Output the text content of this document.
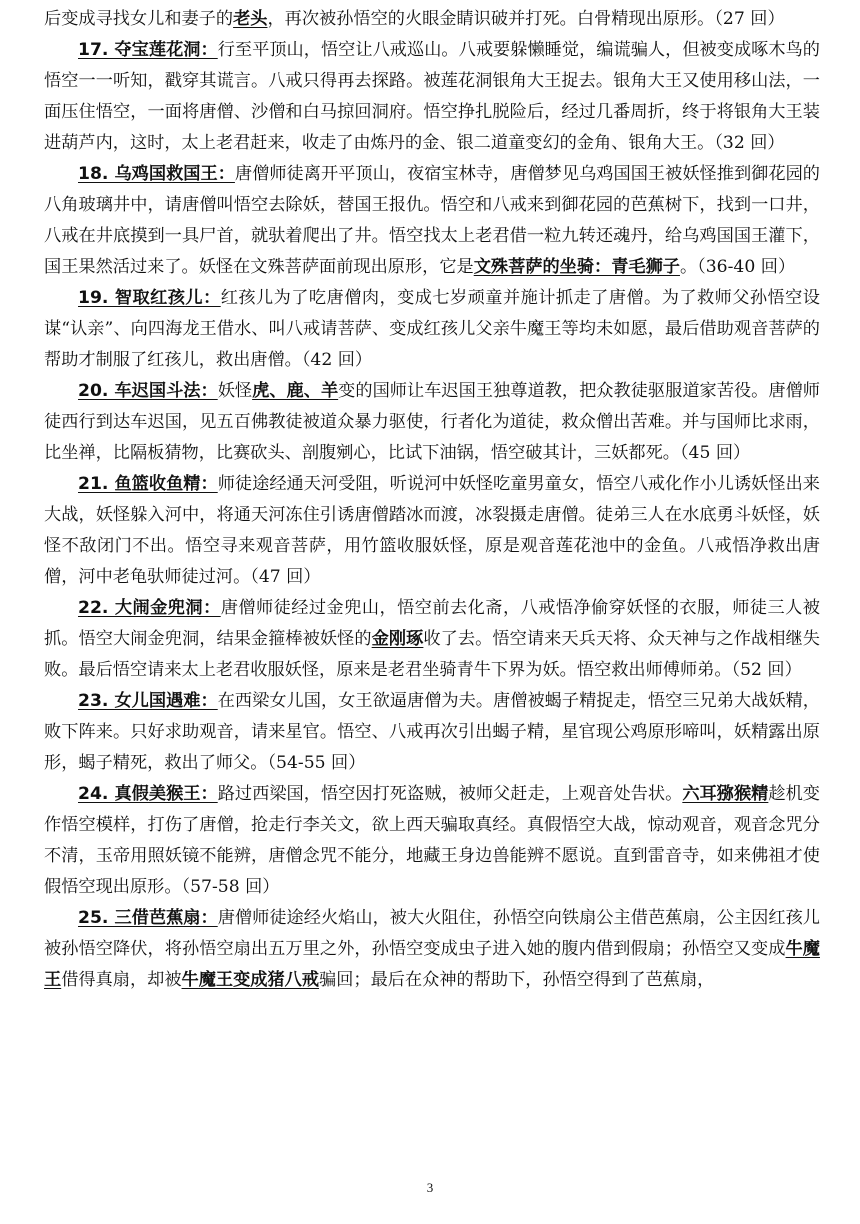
后变成寻找女儿和妻子的老头，再次被孙悟空的火眼金睛识破并打死。白骨精现出原形。（27 回）

17. 夺宝莲花洞：行至平顶山，悟空让八戒巡山。八戒要躲懒睡觉，编谎骗人，但被变成啄木鸟的悟空一一听知，戳穿其谎言。八戒只得再去探路。被莲花洞银角大王捉去。银角大王又使用移山法，一面压住悟空，一面将唐僧、沙僧和白马掠回洞府。悟空挣扎脱险后，经过几番周折，终于将银角大王装进葫芦内，这时，太上老君赶来，收走了由炼丹的金、银二道童变幻的金角、银角大王。（32 回）

18. 乌鸡国救国王：唐僧师徒离开平顶山，夜宿宝林寺，唐僧梦见乌鸡国国王被妖怪推到御花园的八角玻璃井中，请唐僧叫悟空去除妖，替国王报仇。悟空和八戒来到御花园的芭蕉树下，找到一口井，八戒在井底摸到一具尸首，就驮着爬出了井。悟空找太上老君借一粒九转还魂丹，给乌鸡国国王灌下，国王果然活过来了。妖怪在文殊菩萨面前现出原形，它是文殊菩萨的坐骑：青毛狮子。（36-40 回）

19. 智取红孩儿：红孩儿为了吃唐僧肉，变成七岁顽童并施计抓走了唐僧。为了救师父孙悟空设谋“认亲”、向四海龙王借水、叫八戒请菩萨、变成红孩儿父亲牛魔王等均未如愿，最后借助观音菩萨的帮助才制服了红孩儿，救出唐僧。（42 回）

20. 车迟国斗法：妖怪虎、鹿、羊变的国师让车迟国王独尊道教，把众教徒驱服道家苦役。唐僧师徒西行到达车迟国，见五百佛教徒被道众暴力驱使，行者化为道徒，救众僧出苦难。并与国师比求雨，比坐禅，比隔板猜物，比赛砍头、剖腹剜心，比试下油锅，悟空破其计，三妖都死。（45 回）

21. 鱼篮收鱼精：师徒途经通天河受阻，听说河中妖怪吃童男童女，悟空八戒化作小儿诱妖怪出来大战，妖怪躲入河中，将通天河冻住引诱唐僧踏冰而渡，冰裂摄走唐僧。徒弟三人在水底勇斗妖怪，妖怪不敌闭门不出。悟空寻来观音菩萨，用竹篮收服妖怪，原是观音莲花池中的金鱼。八戒悟净救出唐僧，河中老龟驮师徒过河。（47 回）

22. 大闹金兜洞：唐僧师徒经过金兜山，悟空前去化斋，八戒悟净偷穿妖怪的衣服，师徒三人被抓。悟空大闹金兜洞，结果金箍棒被妖怪的金刚琢收了去。悟空请来天兵天将、众天神与之作战相继失败。最后悟空请来太上老君收服妖怪，原来是老君坐骑青牛下界为妖。悟空救出师傅师弟。（52 回）

23. 女儿国遇难：在西梁女儿国，女王欲逼唐僧为夫。唐僧被蝎子精捉走，悟空三兄弟大战妖精，败下阵来。只好求助观音，请来星官。悟空、八戒再次引出蝎子精，星官现公鸡原形啼叫，妖精露出原形，蝎子精死，救出了师父。（54-55 回）

24. 真假美猴王：路过西梁国，悟空因打死盗贼，被师父赶走，上观音处告状。六耳猕猴精趁机变作悟空模样，打伤了唐僧，抢走行李关文，欲上西天骗取真经。真假悟空大战，惊动观音，观音念咒分不清，玉帝用照妖镜不能辨，唐僧念咒不能分，地藏王身边兽能辨不愿说。直到雷音寺，如来佛祖才使假悟空现出原形。（57-58 回）

25. 三借芭蕉扇：唐僧师徒途经火焰山，被大火阻住，孙悟空向铁扇公主借芭蕉扇，公主因红孩儿被孙悟空降伏，将孙悟空扇出五万里之外，孙悟空变成虫子进入她的腹内借到假扇；孙悟空又变成牛魔王借得真扇，却被牛魔王变成猪八戒骗回；最后在众神的帮助下，孙悟空得到了芭蕉扇，

3
